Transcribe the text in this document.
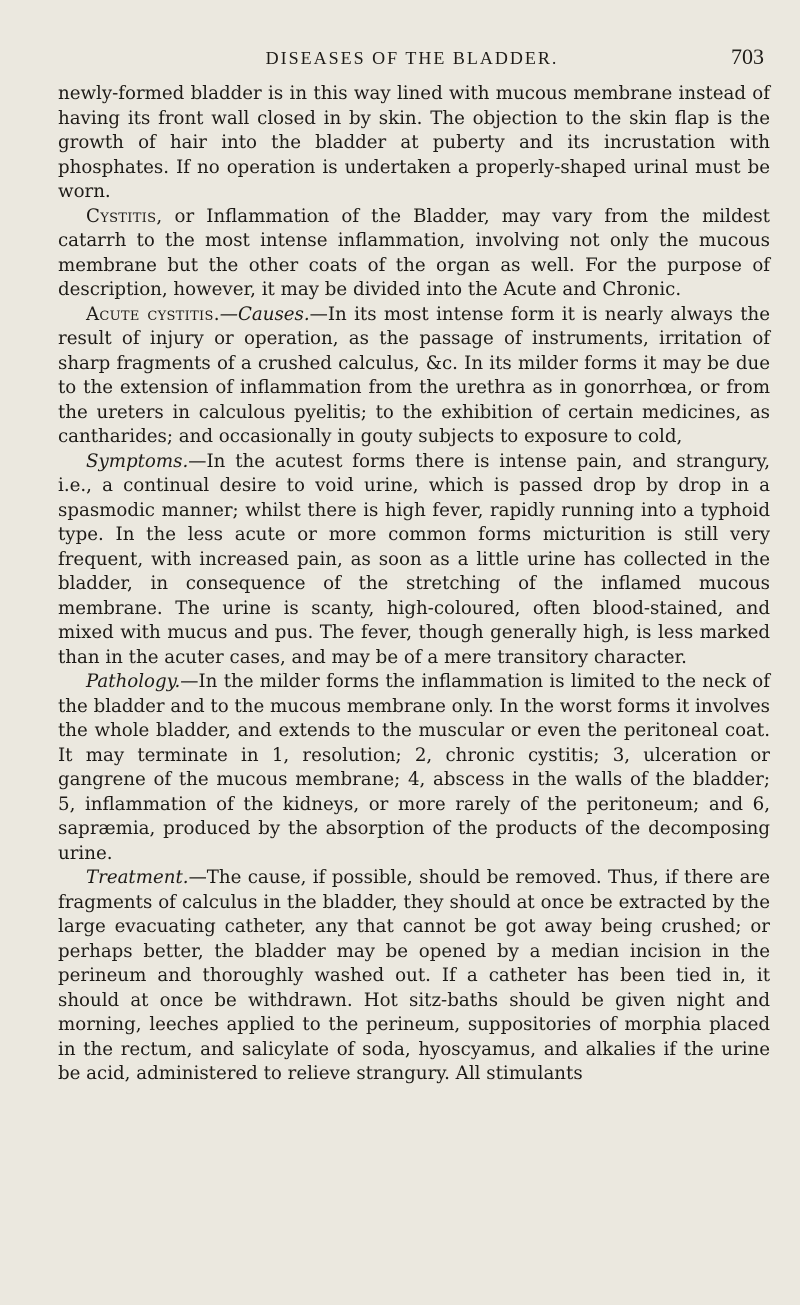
DISEASES OF THE BLADDER.	703

newly-formed bladder is in this way lined with mucous membrane instead of having its front wall closed in by skin. The objection to the skin flap is the growth of hair into the bladder at puberty and its incrustation with phosphates. If no operation is undertaken a properly-shaped urinal must be worn.

Cystitis, or Inflammation of the Bladder, may vary from the mildest catarrh to the most intense inflammation, involving not only the mucous membrane but the other coats of the organ as well. For the purpose of description, however, it may be divided into the Acute and Chronic.

Acute cystitis.—Causes.—In its most intense form it is nearly always the result of injury or operation, as the passage of instruments, irritation of sharp fragments of a crushed calculus, &c. In its milder forms it may be due to the extension of inflammation from the urethra as in gonorrhœa, or from the ureters in calculous pyelitis; to the exhibition of certain medicines, as cantharides; and occasionally in gouty subjects to exposure to cold,

Symptoms.—In the acutest forms there is intense pain, and strangury, i.e., a continual desire to void urine, which is passed drop by drop in a spasmodic manner; whilst there is high fever, rapidly running into a typhoid type. In the less acute or more common forms micturition is still very frequent, with increased pain, as soon as a little urine has collected in the bladder, in consequence of the stretching of the inflamed mucous membrane. The urine is scanty, high-coloured, often blood-stained, and mixed with mucus and pus. The fever, though generally high, is less marked than in the acuter cases, and may be of a mere transitory character.

Pathology.—In the milder forms the inflammation is limited to the neck of the bladder and to the mucous membrane only. In the worst forms it involves the whole bladder, and extends to the muscular or even the peritoneal coat. It may terminate in 1, resolution; 2, chronic cystitis; 3, ulceration or gangrene of the mucous membrane; 4, abscess in the walls of the bladder; 5, inflammation of the kidneys, or more rarely of the peritoneum; and 6, sapræmia, produced by the absorption of the products of the decomposing urine.

Treatment.—The cause, if possible, should be removed. Thus, if there are fragments of calculus in the bladder, they should at once be extracted by the large evacuating catheter, any that cannot be got away being crushed; or perhaps better, the bladder may be opened by a median incision in the perineum and thoroughly washed out. If a catheter has been tied in, it should at once be withdrawn. Hot sitz-baths should be given night and morning, leeches applied to the perineum, suppositories of morphia placed in the rectum, and salicylate of soda, hyoscyamus, and alkalies if the urine be acid, administered to relieve strangury. All stimulants
